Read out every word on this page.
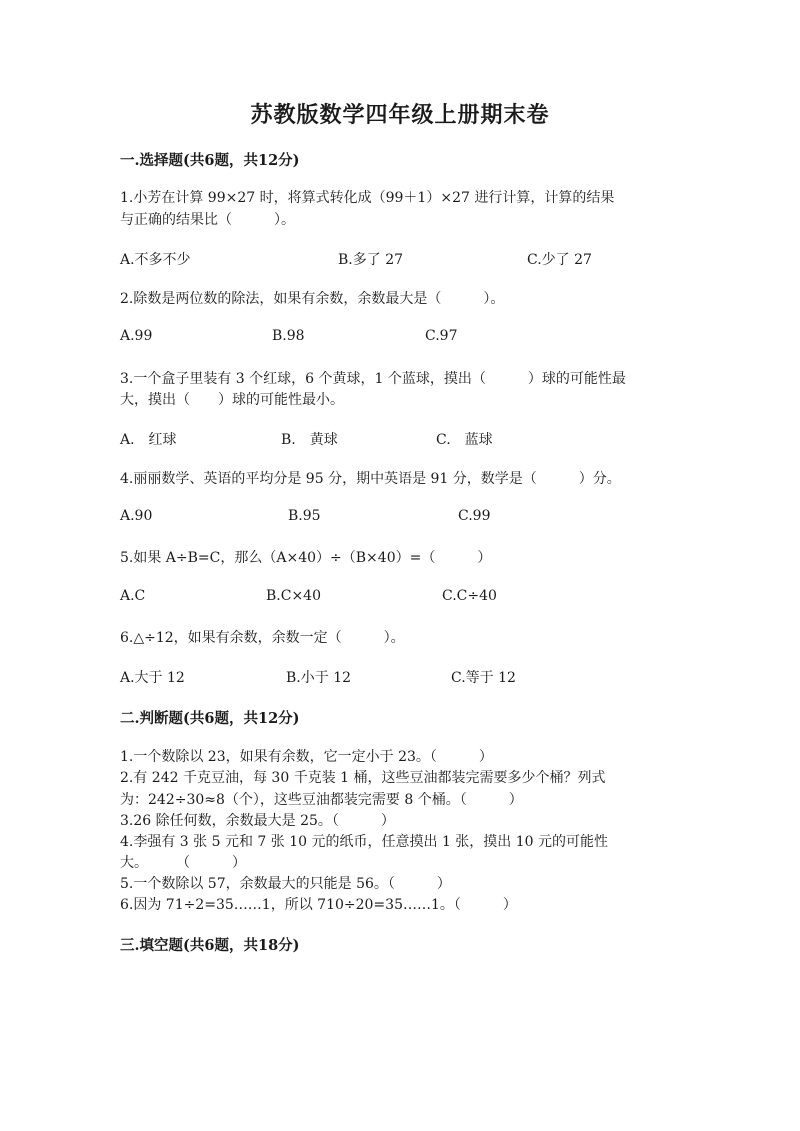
苏教版数学四年级上册期末卷
一.选择题(共6题，共12分)
1.小芳在计算 99×27 时，将算式转化成（99＋1）×27 进行计算，计算的结果
与正确的结果比（　　　）。
A.不多不少	B.多了 27	C.少了 27
2.除数是两位数的除法，如果有余数，余数最大是（　　　）。
A.99	B.98	C.97
3.一个盒子里装有 3 个红球，6 个黄球，1 个蓝球，摸出（　　　）球的可能性最
大，摸出（　　）球的可能性最小。
A.　红球	B.　黄球	C.　蓝球
4.丽丽数学、英语的平均分是 95 分，期中英语是 91 分，数学是（　　　）分。
A.90	B.95	C.99
5.如果 A÷B=C，那么（A×40）÷（B×40）=（　　　）
A.C	B.C×40	C.C÷40
6.△÷12，如果有余数，余数一定（　　　）。
A.大于 12	B.小于 12	C.等于 12
二.判断题(共6题，共12分)
1.一个数除以 23，如果有余数，它一定小于 23。（　　　）
2.有 242 千克豆油，每 30 千克装 1 桶，这些豆油都装完需要多少个桶？列式
为：242÷30≈8（个），这些豆油都装完需要 8 个桶。（　　　）
3.26 除任何数，余数最大是 25。（　　　）
4.李强有 3 张 5 元和 7 张 10 元的纸币，任意摸出 1 张，摸出 10 元的可能性
大。　　　（　　　）
5.一个数除以 57，余数最大的只能是 56。（　　　）
6.因为 71÷2=35……1，所以 710÷20=35……1。（　　　）
三.填空题(共6题，共18分)
